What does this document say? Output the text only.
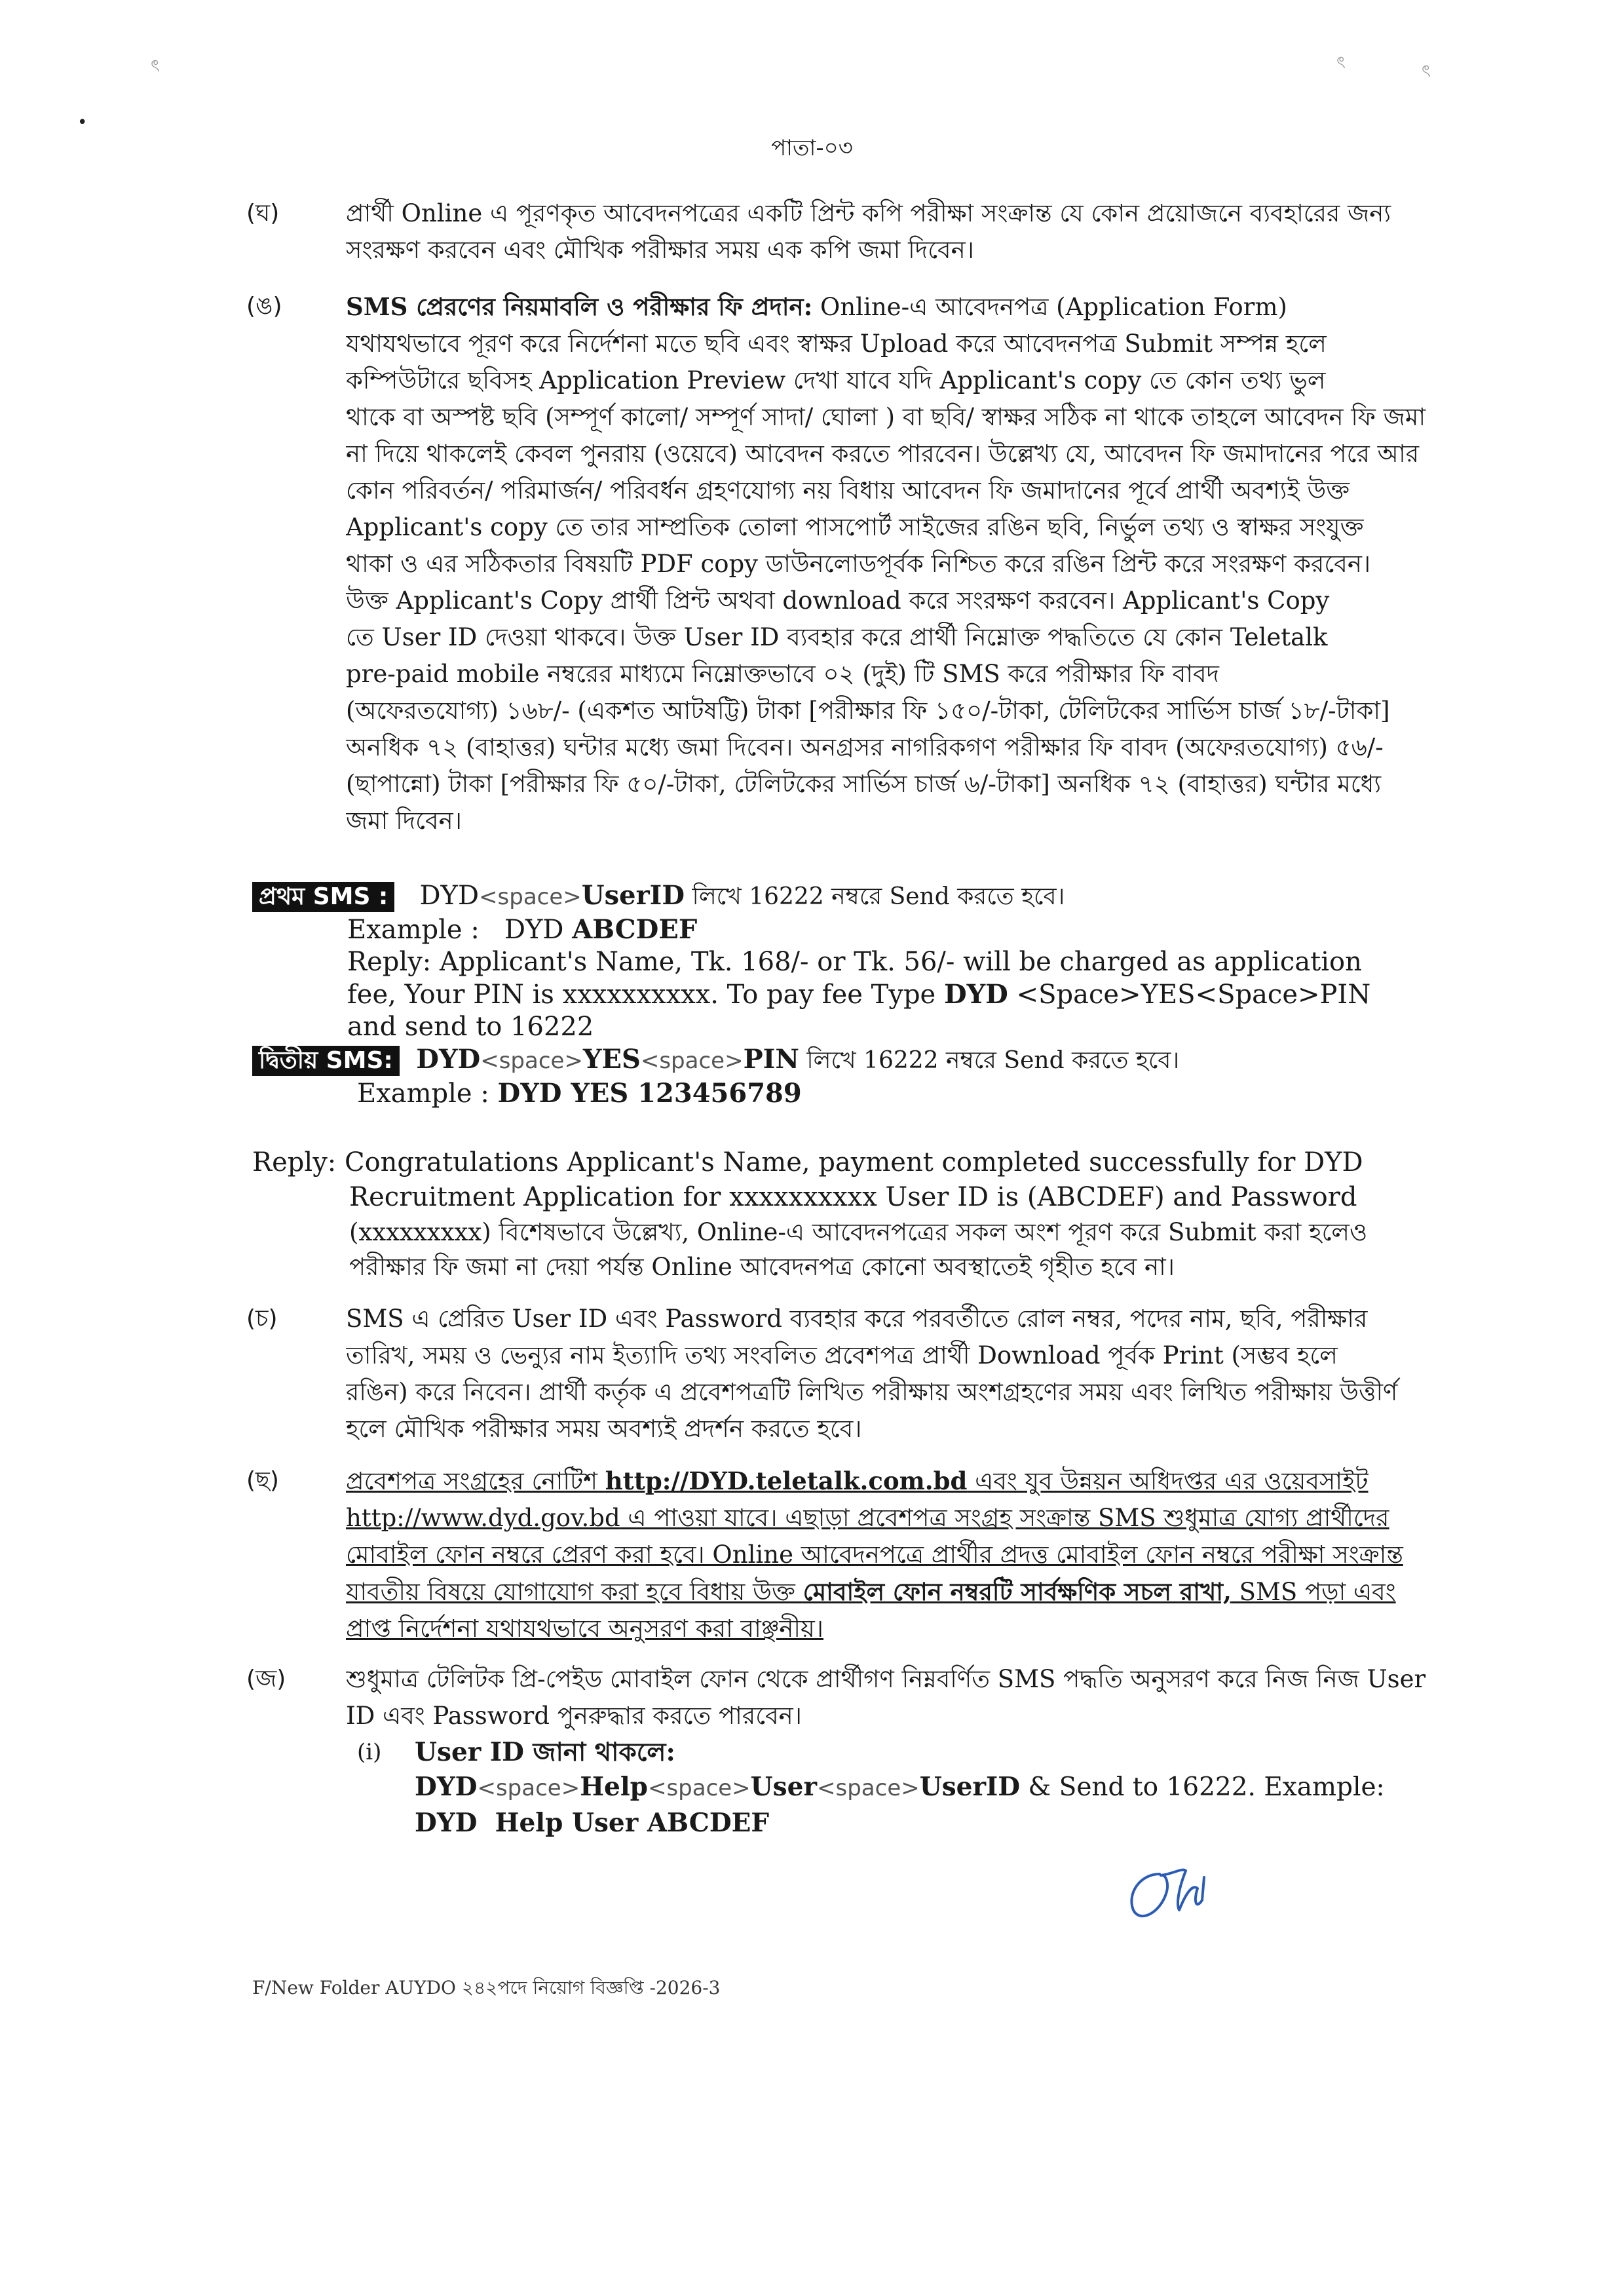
ৎ	ৎ	ৎ
•
পাতা-০৩
(ঘ)	প্রার্থী Online এ পূরণকৃত আবেদনপত্রের একটি প্রিন্ট কপি পরীক্ষা সংক্রান্ত যে কোন প্রয়োজনে ব্যবহারের জন্য
সংরক্ষণ করবেন এবং মৌখিক পরীক্ষার সময় এক কপি জমা দিবেন।
(ঙ)	SMS প্রেরণের নিয়মাবলি ও পরীক্ষার ফি প্রদান: Online-এ আবেদনপত্র (Application Form)
যথাযথভাবে পূরণ করে নির্দেশনা মতে ছবি এবং স্বাক্ষর Upload করে আবেদনপত্র Submit সম্পন্ন হলে
কম্পিউটারে ছবিসহ Application Preview দেখা যাবে যদি Applicant's copy তে কোন তথ্য ভুল
থাকে বা অস্পষ্ট ছবি (সম্পূর্ণ কালো/ সম্পূর্ণ সাদা/ ঘোলা ) বা ছবি/ স্বাক্ষর সঠিক না থাকে তাহলে আবেদন ফি জমা
না দিয়ে থাকলেই কেবল পুনরায় (ওয়েবে) আবেদন করতে পারবেন। উল্লেখ্য যে, আবেদন ফি জমাদানের পরে আর
কোন পরিবর্তন/ পরিমার্জন/ পরিবর্ধন গ্রহণযোগ্য নয় বিধায় আবেদন ফি জমাদানের পূর্বে প্রার্থী অবশ্যই উক্ত
Applicant's copy তে তার সাম্প্রতিক তোলা পাসপোর্ট সাইজের রঙিন ছবি, নির্ভুল তথ্য ও স্বাক্ষর সংযুক্ত
থাকা ও এর সঠিকতার বিষয়টি PDF copy ডাউনলোডপূর্বক নিশ্চিত করে রঙিন প্রিন্ট করে সংরক্ষণ করবেন।
উক্ত Applicant's Copy প্রার্থী প্রিন্ট অথবা download করে সংরক্ষণ করবেন। Applicant's Copy
তে User ID দেওয়া থাকবে। উক্ত User ID ব্যবহার করে প্রার্থী নিম্নোক্ত পদ্ধতিতে যে কোন Teletalk
pre-paid mobile নম্বরের মাধ্যমে নিম্নোক্তভাবে ০২ (দুই) টি SMS করে পরীক্ষার ফি বাবদ
(অফেরতযোগ্য) ১৬৮/- (একশত আটষট্টি) টাকা [পরীক্ষার ফি ১৫০/-টাকা, টেলিটকের সার্ভিস চার্জ ১৮/-টাকা]
অনধিক ৭২ (বাহাত্তর) ঘন্টার মধ্যে জমা দিবেন। অনগ্রসর নাগরিকগণ পরীক্ষার ফি বাবদ (অফেরতযোগ্য) ৫৬/-
(ছাপান্নো) টাকা [পরীক্ষার ফি ৫০/-টাকা, টেলিটকের সার্ভিস চার্জ ৬/-টাকা] অনধিক ৭২ (বাহাত্তর) ঘন্টার মধ্যে
জমা দিবেন।
প্রথম SMS : DYD<space>UserID লিখে 16222 নম্বরে Send করতে হবে।
Example : DYD ABCDEF
Reply: Applicant's Name, Tk. 168/- or Tk. 56/- will be charged as application
fee, Your PIN is xxxxxxxxxx. To pay fee Type DYD <Space>YES<Space>PIN
and send to 16222
দ্বিতীয় SMS: DYD<space>YES<space>PIN লিখে 16222 নম্বরে Send করতে হবে।
Example : DYD YES 123456789
Reply: Congratulations Applicant's Name, payment completed successfully for DYD
Recruitment Application for xxxxxxxxxx User ID is (ABCDEF) and Password
(xxxxxxxxx) বিশেষভাবে উল্লেখ্য, Online-এ আবেদনপত্রের সকল অংশ পূরণ করে Submit করা হলেও
পরীক্ষার ফি জমা না দেয়া পর্যন্ত Online আবেদনপত্র কোনো অবস্থাতেই গৃহীত হবে না।
(চ)	SMS এ প্রেরিত User ID এবং Password ব্যবহার করে পরবর্তীতে রোল নম্বর, পদের নাম, ছবি, পরীক্ষার
তারিখ, সময় ও ভেন্যুর নাম ইত্যাদি তথ্য সংবলিত প্রবেশপত্র প্রার্থী Download পূর্বক Print (সম্ভব হলে
রঙিন) করে নিবেন। প্রার্থী কর্তৃক এ প্রবেশপত্রটি লিখিত পরীক্ষায় অংশগ্রহণের সময় এবং লিখিত পরীক্ষায় উত্তীর্ণ
হলে মৌখিক পরীক্ষার সময় অবশ্যই প্রদর্শন করতে হবে।
(ছ)	প্রবেশপত্র সংগ্রহের নোটিশ http://DYD.teletalk.com.bd এবং যুব উন্নয়ন অধিদপ্তর এর ওয়েবসাইট
http://www.dyd.gov.bd এ পাওয়া যাবে। এছাড়া প্রবেশপত্র সংগ্রহ সংক্রান্ত SMS শুধুমাত্র যোগ্য প্রার্থীদের
মোবাইল ফোন নম্বরে প্রেরণ করা হবে। Online আবেদনপত্রে প্রার্থীর প্রদত্ত মোবাইল ফোন নম্বরে পরীক্ষা সংক্রান্ত
যাবতীয় বিষয়ে যোগাযোগ করা হবে বিধায় উক্ত মোবাইল ফোন নম্বরটি সার্বক্ষণিক সচল রাখা, SMS পড়া এবং
প্রাপ্ত নির্দেশনা যথাযথভাবে অনুসরণ করা বাঞ্ছনীয়।
(জ) শুধুমাত্র টেলিটক প্রি-পেইড মোবাইল ফোন থেকে প্রার্থীগণ নিম্নবর্ণিত SMS পদ্ধতি অনুসরণ করে নিজ নিজ User
ID এবং Password পুনরুদ্ধার করতে পারবেন।
(i) User ID জানা থাকলে:
DYD<space>Help<space>User<space>UserID & Send to 16222. Example:
DYD  Help User ABCDEF
F/New Folder AUYDO ২৪২পদে নিয়োগ বিজ্ঞপ্তি -2026-3
